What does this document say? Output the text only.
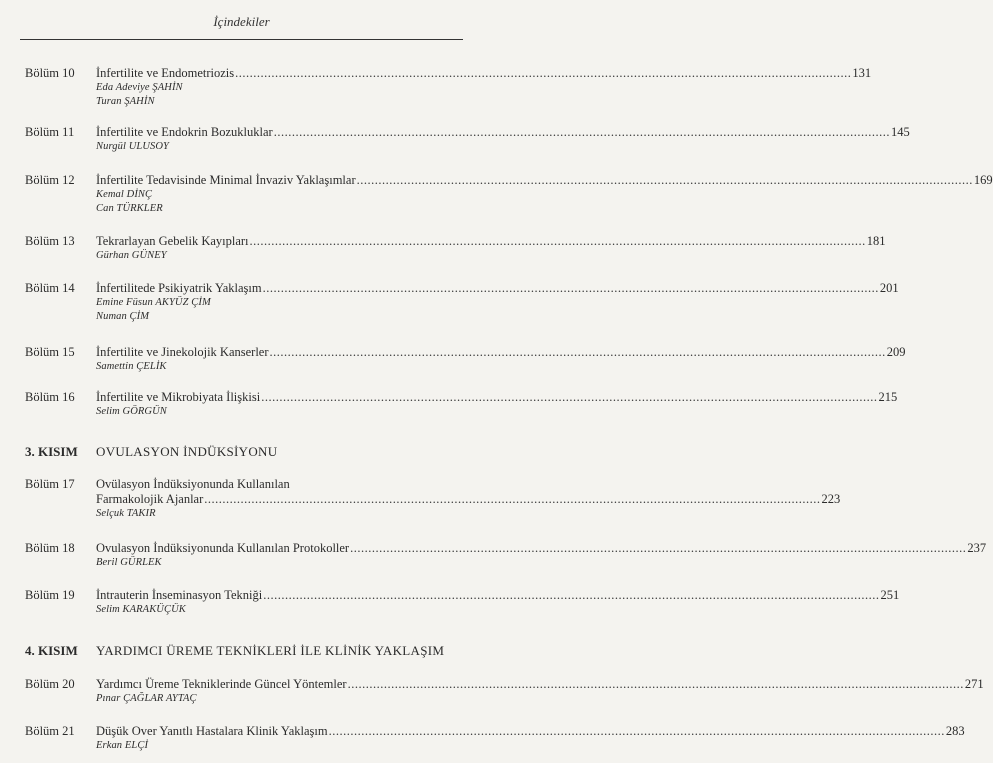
İçindekiler
Bölüm 10 İnfertilite ve Endometriozis .......................................................................................................................................................................... 131
Eda Adeviye ŞAHİN
Turan ŞAHİN
Bölüm 11 İnfertilite ve Endokrin Bozukluklar .......................................................................................................................................................................... 145
Nurgül ULUSOY
Bölüm 12 İnfertilite Tedavisinde Minimal İnvaziv Yaklaşımlar .......................................................................................................................................................................... 169
Kemal DİNÇ
Can TÜRKLER
Bölüm 13 Tekrarlayan Gebelik Kayıpları .......................................................................................................................................................................... 181
Gürhan GÜNEY
Bölüm 14 İnfertilitede Psikiyatrik Yaklaşım .......................................................................................................................................................................... 201
Emine Füsun AKYÜZ ÇİM
Numan ÇİM
Bölüm 15 İnfertilite ve Jinekolojik Kanserler .......................................................................................................................................................................... 209
Samettin ÇELİK
Bölüm 16 İnfertilite ve Mikrobiyata İlişkisi .......................................................................................................................................................................... 215
Selim GÖRGÜN
3. KISIM OVULASYON İNDÜKSİYONU
Bölüm 17 Ovülasyon İndüksiyonunda Kullanılan
Farmakolojik Ajanlar .......................................................................................................................................................................... 223
Selçuk TAKIR
Bölüm 18 Ovulasyon İndüksiyonunda Kullanılan Protokoller .......................................................................................................................................................................... 237
Beril GÜRLEK
Bölüm 19 İntrauterin İnseminasyon Tekniği .......................................................................................................................................................................... 251
Selim KARAKÜÇÜK
4. KISIM YARDIMCI ÜREME TEKNİKLERİ İLE KLİNİK YAKLAŞIM
Bölüm 20 Yardımcı Üreme Tekniklerinde Güncel Yöntemler .......................................................................................................................................................................... 271
Pınar ÇAĞLAR AYTAÇ
Bölüm 21 Düşük Over Yanıtlı Hastalara Klinik Yaklaşım .......................................................................................................................................................................... 283
Erkan ELÇİ
